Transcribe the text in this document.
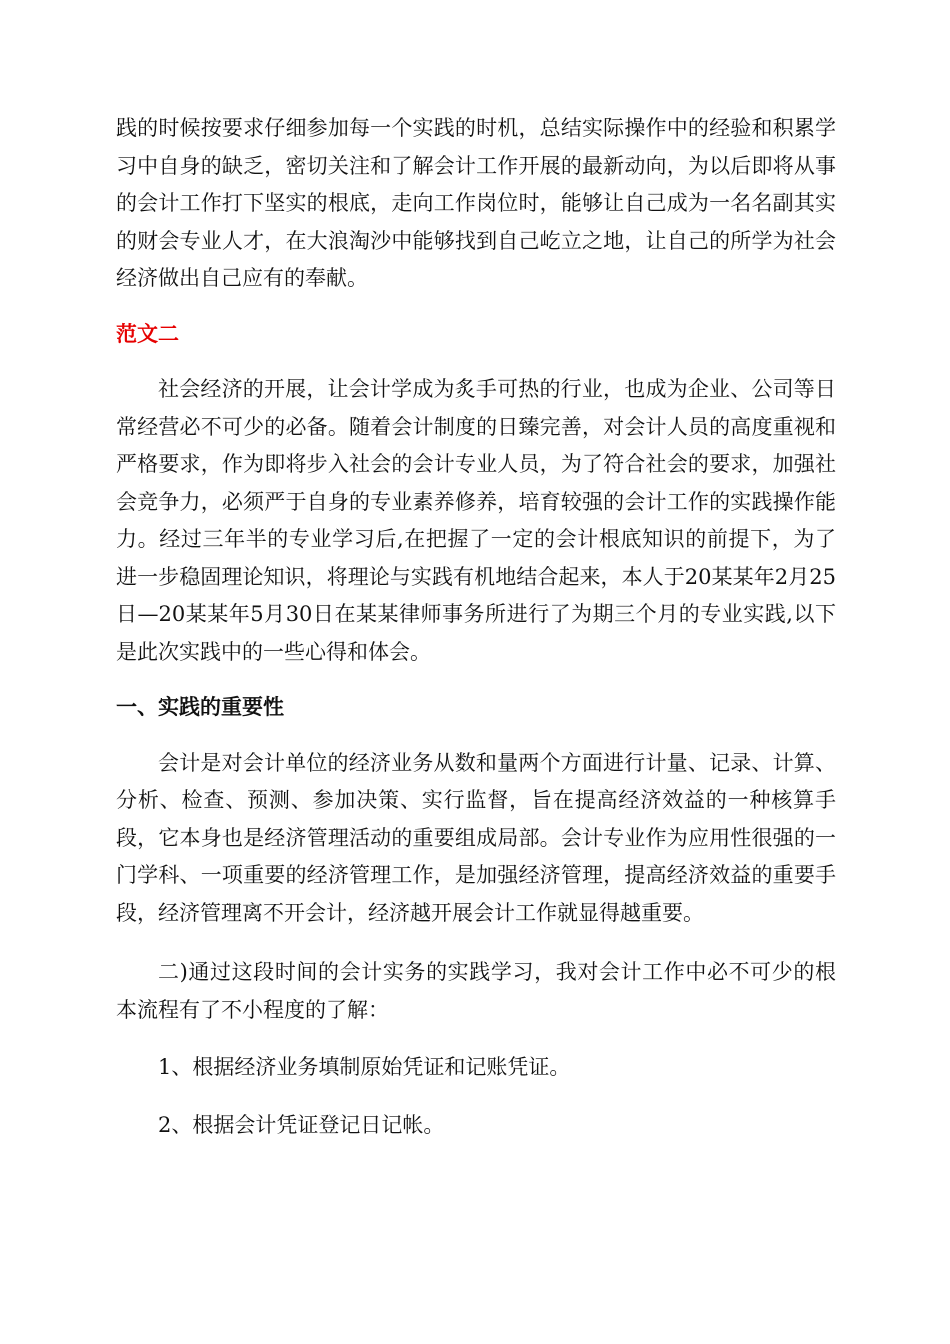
践的时候按要求仔细参加每一个实践的时机，总结实际操作中的经验和积累学习中自身的缺乏，密切关注和了解会计工作开展的最新动向，为以后即将从事的会计工作打下坚实的根底，走向工作岗位时，能够让自己成为一名名副其实的财会专业人才，在大浪淘沙中能够找到自己屹立之地，让自己的所学为社会经济做出自己应有的奉献。

范文二

社会经济的开展，让会计学成为炙手可热的行业，也成为企业、公司等日常经营必不可少的必备。随着会计制度的日臻完善，对会计人员的高度重视和严格要求，作为即将步入社会的会计专业人员，为了符合社会的要求，加强社会竞争力，必须严于自身的专业素养修养，培育较强的会计工作的实践操作能力。经过三年半的专业学习后,在把握了一定的会计根底知识的前提下，为了进一步稳固理论知识，将理论与实践有机地结合起来，本人于20某某年2月25日—20某某年5月30日在某某律师事务所进行了为期三个月的专业实践,以下是此次实践中的一些心得和体会。

一、实践的重要性

会计是对会计单位的经济业务从数和量两个方面进行计量、记录、计算、分析、检查、预测、参加决策、实行监督，旨在提高经济效益的一种核算手段，它本身也是经济管理活动的重要组成局部。会计专业作为应用性很强的一门学科、一项重要的经济管理工作，是加强经济管理，提高经济效益的重要手段，经济管理离不开会计，经济越开展会计工作就显得越重要。

二)通过这段时间的会计实务的实践学习，我对会计工作中必不可少的根本流程有了不小程度的了解：

1、根据经济业务填制原始凭证和记账凭证。

2、根据会计凭证登记日记帐。
